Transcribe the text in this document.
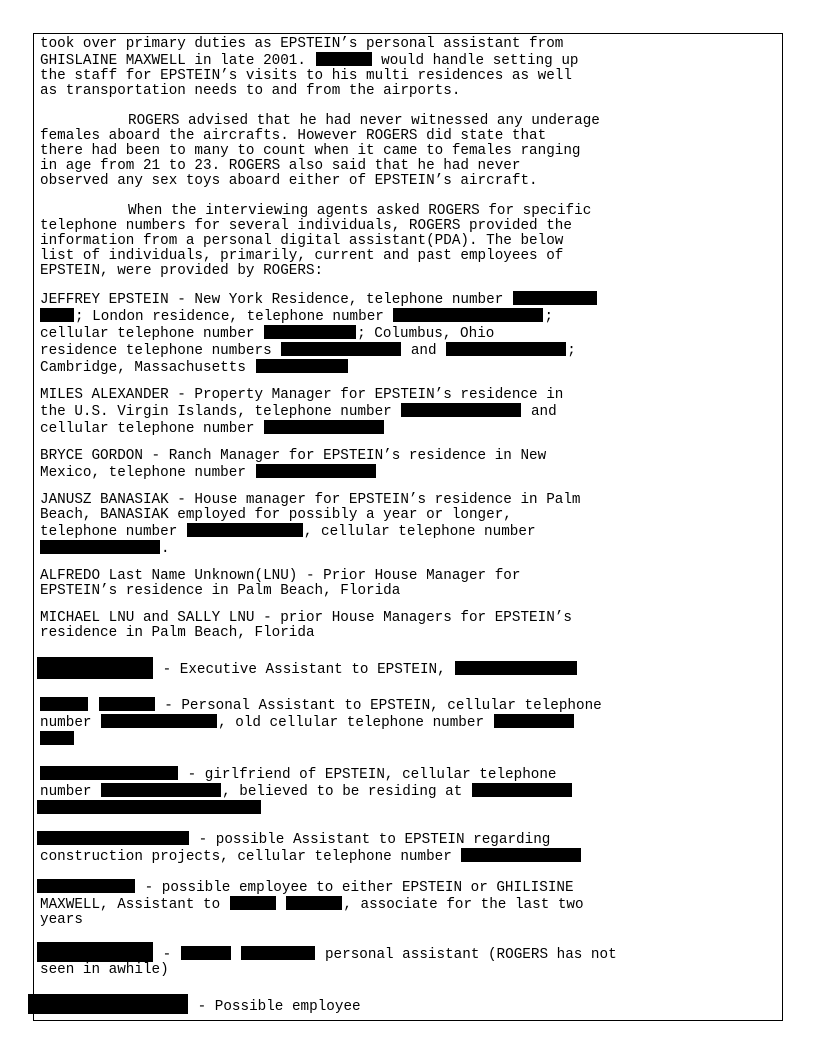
took over primary duties as EPSTEIN’s personal assistant from
GHISLAINE MAXWELL in late 2001.	would handle setting up
the staff for EPSTEIN’s visits to his multi residences as well
as transportation needs to and from the airports.

ROGERS advised that he had never witnessed any underage
females aboard the aircrafts. However ROGERS did state that
there had been to many to count when it came to females ranging
in age from 21 to 23. ROGERS also said that he had never
observed any sex toys aboard either of EPSTEIN’s aircraft.

When the interviewing agents asked ROGERS for specific
telephone numbers for several individuals, ROGERS provided the
information from a personal digital assistant(PDA). The below
list of individuals, primarily, current and past employees of
EPSTEIN, were provided by ROGERS:

JEFFREY EPSTEIN - New York Residence, telephone number
; London residence, telephone number	;
cellular telephone number	; Columbus, Ohio
residence telephone numbers	and	;
Cambridge, Massachusetts
MILES ALEXANDER - Property Manager for EPSTEIN’s residence in
the U.S. Virgin Islands, telephone number	and
cellular telephone number
BRYCE GORDON - Ranch Manager for EPSTEIN’s residence in New
Mexico, telephone number
JANUSZ BANASIAK - House manager for EPSTEIN’s residence in Palm
Beach, BANASIAK employed for possibly a year or longer,
telephone number	, cellular telephone number
.
ALFREDO Last Name Unknown(LNU) - Prior House Manager for
EPSTEIN’s residence in Palm Beach, Florida
MICHAEL LNU and SALLY LNU - prior House Managers for EPSTEIN’s
residence in Palm Beach, Florida
- Executive Assistant to EPSTEIN,
- Personal Assistant to EPSTEIN, cellular telephone
number	, old cellular telephone number

- girlfriend of EPSTEIN, cellular telephone
number	, believed to be residing at

- possible Assistant to EPSTEIN regarding
construction projects, cellular telephone number
- possible employee to either EPSTEIN or GHILISINE
MAXWELL, Assistant to	, associate for the last two
years
-	personal assistant (ROGERS has not
seen in awhile)
- Possible employee
